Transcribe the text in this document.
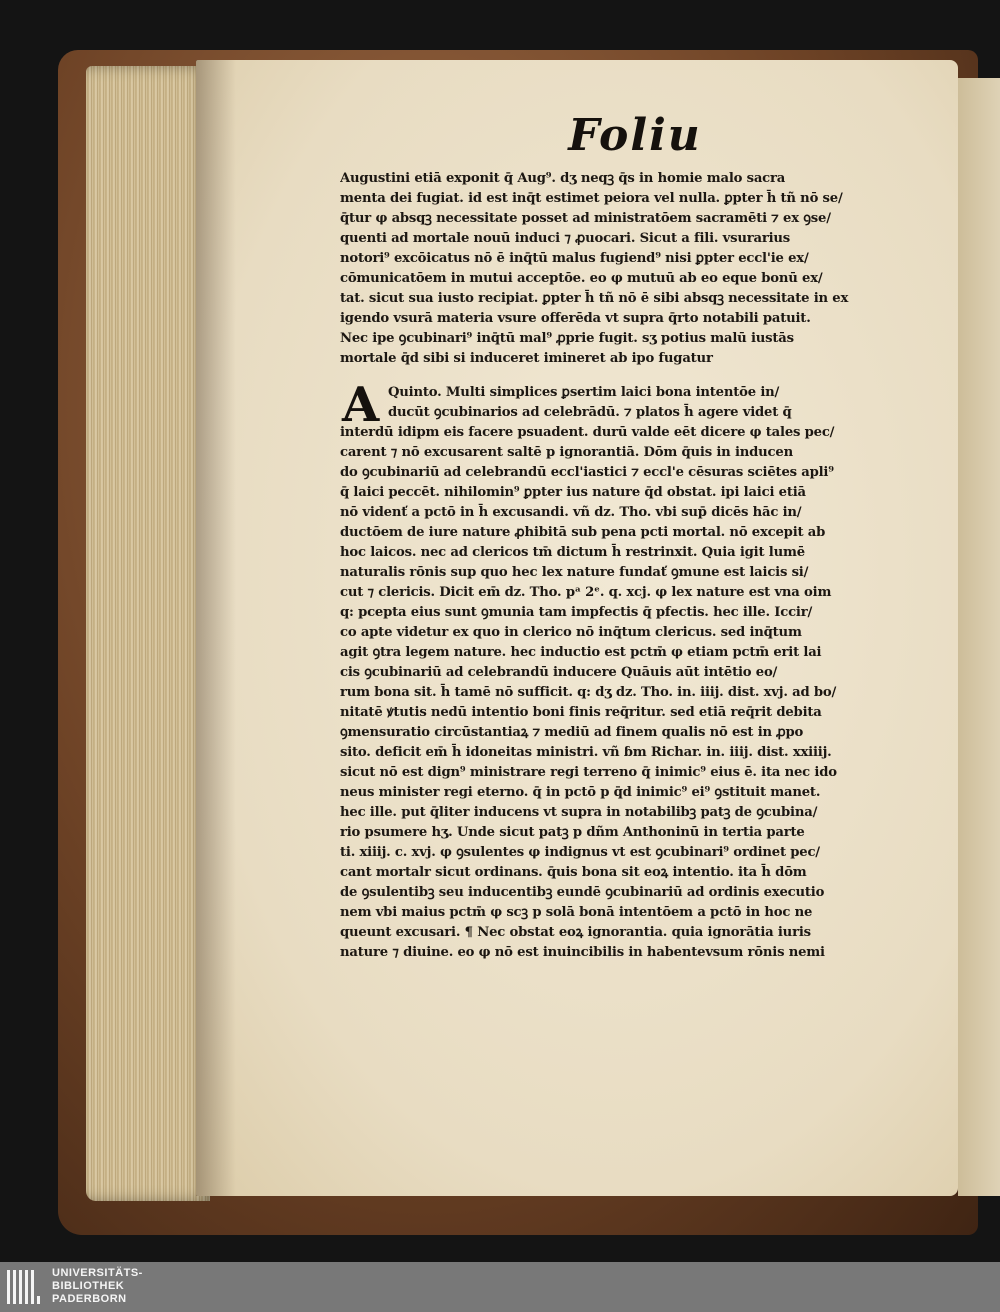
Foliu
Augustini etiā exponit q̄ Aug⁹. dʒ neqꝫ q̄s in homie malo sacra
menta dei fugiat. id est inq̄t estimet peiora vel nulla. ꝑpter h̄ tñ nō se/
q̄tur φ absqꝫ necessitate posset ad ministratōem sacramēti ⁊ ex ꝯse/
quenti ad mortale nouū induci ⁊ ꝓuocari. Sicut a fili. vsurarius
notori⁹ excōicatus nō ē inq̄tū malus fugiend⁹ nisi ꝑpter eccl'ie ex/
cōmunicatōem in mutui acceptōe. eo φ mutuū ab eo eque bonū ex/
tat. sicut sua iusto recipiat. ꝑpter h̄ tñ nō ē sibi absqꝫ necessitate in ex
igendo vsurā materia vsure offerēda vt supra q̄rto notabili patuit.
Nec ipe ꝯcubinari⁹ inq̄tū mal⁹ ꝓprie fugit. sʒ potius malū iustās
mortale q̄d sibi si induceret imineret ab ipo fugatur
A Quinto. Multi simplices ꝑsertim laici bona intentōe in/
ducūt ꝯcubinarios ad celebrādū. ⁊ platos h̄ agere videt q̄
interdū idipm eis facere psuadent. durū valde eēt dicere φ tales pec/
carent ⁊ nō excusarent saltē p ignorantiā. Dōm q̄uis in inducen
do ꝯcubinariū ad celebrandū eccl'iastici ⁊ eccl'e cēsuras sciētes apli⁹
q̄ laici peccēt. nihilomin⁹ ꝑpter ius nature q̄d obstat. ipi laici etiā
nō videnť a pctō in h̄ excusandi. vñ dz. Tho. vbi sup̄ dicēs hāc in/
ductōem de iure nature ꝓhibitā sub pena pcti mortal. nō excepit ab
hoc laicos. nec ad clericos tm̄ dictum h̄ restrinxit. Quia igit lumē
naturalis rōnis sup quo hec lex nature fundať ꝯmune est laicis si/
cut ⁊ clericis. Dicit em̄ dz. Tho. pᵃ 2ᵉ. q. xcj. φ lex nature est vna oim
q: pcepta eius sunt ꝯmunia tam impfectis q̄ pfectis. hec ille. Iccir/
co apte videtur ex quo in clerico nō inq̄tum clericus. sed inq̄tum
agit ꝯtra legem nature. hec inductio est pctm̄ φ etiam pctm̄ erit lai
cis ꝯcubinariū ad celebrandū inducere Quāuis aūt intētio eo/
rum bona sit. h̄ tamē nō sufficit. q: dʒ dz. Tho. in. iiij. dist. xvj. ad bo/
nitatē ꝟtutis nedū intentio boni finis req̄ritur. sed etiā req̄rit debita
ꝯmensuratio circūstantiaꝝ ⁊ mediū ad finem qualis nō est in ꝓpo
sito. deficit em̄ h̄ idoneitas ministri. vñ ɓm Richar. in. iiij. dist. xxiiij.
sicut nō est dign⁹ ministrare regi terreno q̄ inimic⁹ eius ē. ita nec ido
neus minister regi eterno. q̄ in pctō p q̄d inimic⁹ ei⁹ ꝯstituit manet.
hec ille. put q̄liter inducens vt supra in notabilibꝫ patꝫ de ꝯcubina/
rio psumere hʒ. Unde sicut patꝫ p dñm Anthoninū in tertia parte
ti. xiiij. c. xvj. φ ꝯsulentes φ indignus vt est ꝯcubinari⁹ ordinet pec/
cant mortalr sicut ordinans. q̄uis bona sit eoꝝ intentio. ita h̄ dōm
de ꝯsulentibꝫ seu inducentibꝫ eundē ꝯcubinariū ad ordinis executio
nem vbi maius pctm̄ φ scꝫ p solā bonā intentōem a pctō in hoc ne
queunt excusari. ¶ Nec obstat eoꝝ ignorantia. quia ignorātia iuris
nature ⁊ diuine. eo φ nō est inuincibilis in habentevsum rōnis nemi
UNIVERSITÄTS-
BIBLIOTHEK
PADERBORN
